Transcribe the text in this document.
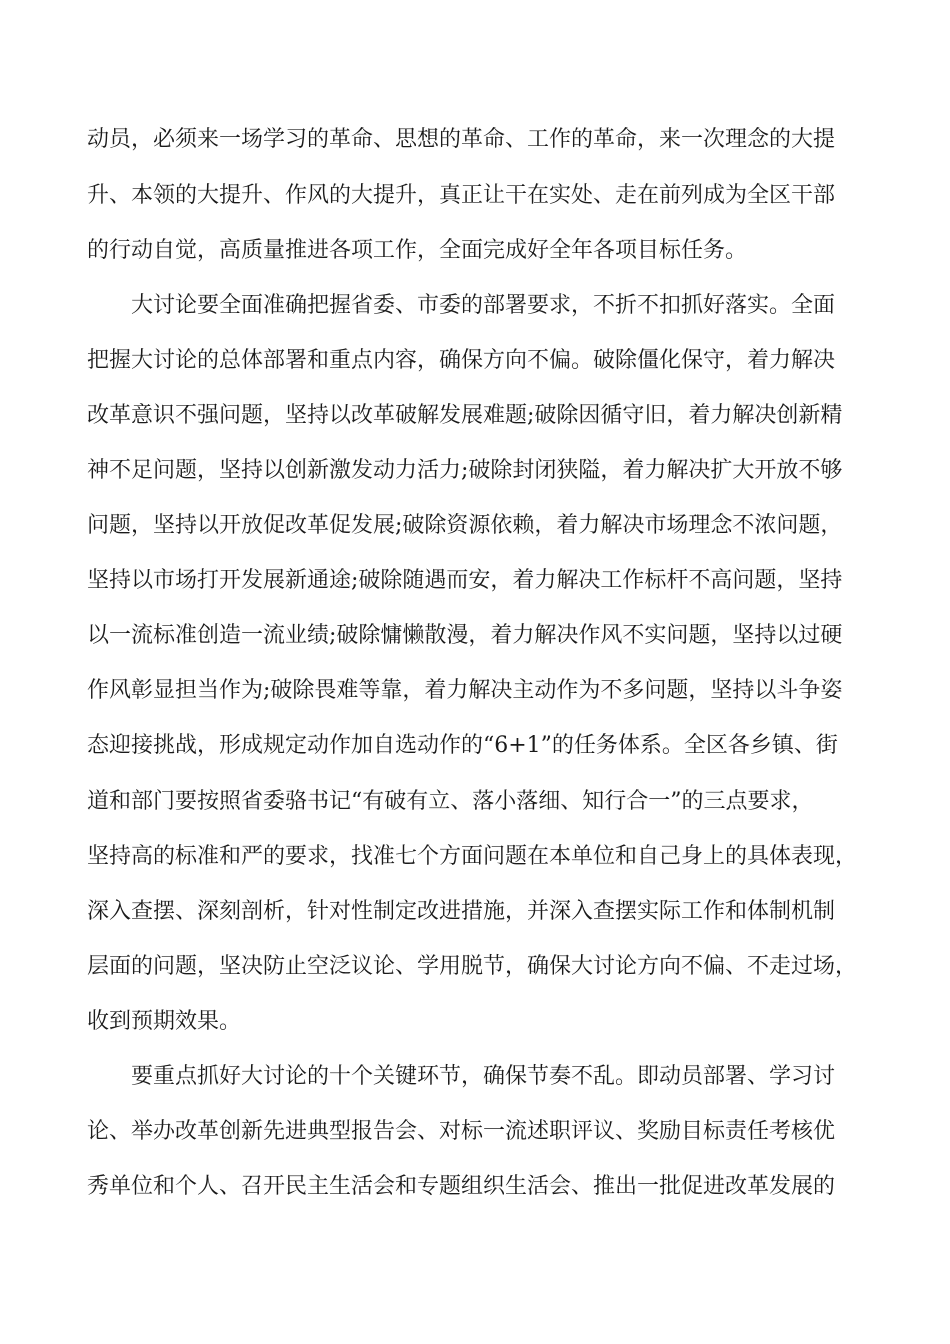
动员，必须来一场学习的革命、思想的革命、工作的革命，来一次理念的大提
升、本领的大提升、作风的大提升，真正让干在实处、走在前列成为全区干部
的行动自觉，高质量推进各项工作，全面完成好全年各项目标任务。
大讨论要全面准确把握省委、市委的部署要求，不折不扣抓好落实。全面
把握大讨论的总体部署和重点内容，确保方向不偏。破除僵化保守，着力解决
改革意识不强问题，坚持以改革破解发展难题;破除因循守旧，着力解决创新精
神不足问题，坚持以创新激发动力活力;破除封闭狭隘，着力解决扩大开放不够
问题，坚持以开放促改革促发展;破除资源依赖，着力解决市场理念不浓问题，
坚持以市场打开发展新通途;破除随遇而安，着力解决工作标杆不高问题，坚持
以一流标准创造一流业绩;破除慵懒散漫，着力解决作风不实问题，坚持以过硬
作风彰显担当作为;破除畏难等靠，着力解决主动作为不多问题，坚持以斗争姿
态迎接挑战，形成规定动作加自选动作的“6+1”的任务体系。全区各乡镇、街
道和部门要按照省委骆书记“有破有立、落小落细、知行合一”的三点要求，
坚持高的标准和严的要求，找准七个方面问题在本单位和自己身上的具体表现，
深入查摆、深刻剖析，针对性制定改进措施，并深入查摆实际工作和体制机制
层面的问题，坚决防止空泛议论、学用脱节，确保大讨论方向不偏、不走过场，
收到预期效果。
要重点抓好大讨论的十个关键环节，确保节奏不乱。即动员部署、学习讨
论、举办改革创新先进典型报告会、对标一流述职评议、奖励目标责任考核优
秀单位和个人、召开民主生活会和专题组织生活会、推出一批促进改革发展的
